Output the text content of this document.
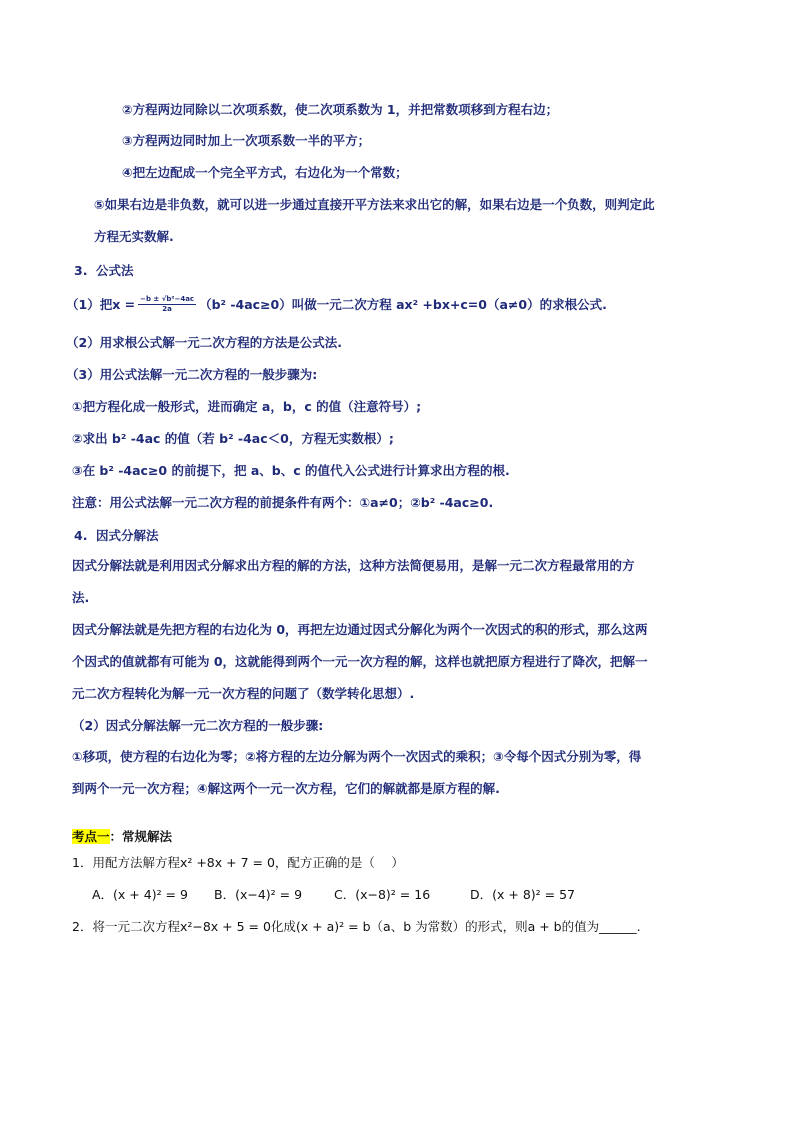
②方程两边同除以二次项系数，使二次项系数为 1，并把常数项移到方程右边；
③方程两边同时加上一次项系数一半的平方；
④把左边配成一个完全平方式，右边化为一个常数；
⑤如果右边是非负数，就可以进一步通过直接开平方法来求出它的解，如果右边是一个负数，则判定此
方程无实数解.
3. 公式法
（1）把$x = \frac{\text{−b ± √b²−4ac}}{2a} (b^2$ -4ac≥0）叫做一元二次方程 ax² +bx+c=0（a≠0）的求根公式.
（2）用求根公式解一元二次方程的方法是公式法.
（3）用公式法解一元二次方程的一般步骤为:
①把方程化成一般形式，进而确定 a，b，c 的值（注意符号）;
②求出 b² -4ac 的值（若 b² -4ac＜0，方程无实数根）;
③在 b² -4ac≥0 的前提下，把 a、b、c 的值代入公式进行计算求出方程的根.
注意：用公式法解一元二次方程的前提条件有两个：①a≠0；②b² -4ac≥0.
4. 因式分解法
因式分解法就是利用因式分解求出方程的解的方法，这种方法简便易用，是解一元二次方程最常用的方
法.
因式分解法就是先把方程的右边化为 0，再把左边通过因式分解化为两个一次因式的积的形式，那么这两
个因式的值就都有可能为 0，这就能得到两个一元一次方程的解，这样也就把原方程进行了降次，把解一
元二次方程转化为解一元一次方程的问题了（数学转化思想）.
（2）因式分解法解一元二次方程的一般步骤:
①移项，使方程的右边化为零；②将方程的左边分解为两个一次因式的乘积；③令每个因式分别为零，得
到两个一元一次方程；④解这两个一元一次方程，它们的解就都是原方程的解.
考点一：常规解法
1．用配方法解方程x² +8x + 7 = 0，配方正确的是（　 ）
A．(x + 4)² = 9 B．(x−4)² = 9	C．(x−8)² = 16	D．(x + 8)² = 57
2．将一元二次方程x²−8x + 5 = 0化成(x + a)² = b（a、b 为常数）的形式，则a + b的值为______.
